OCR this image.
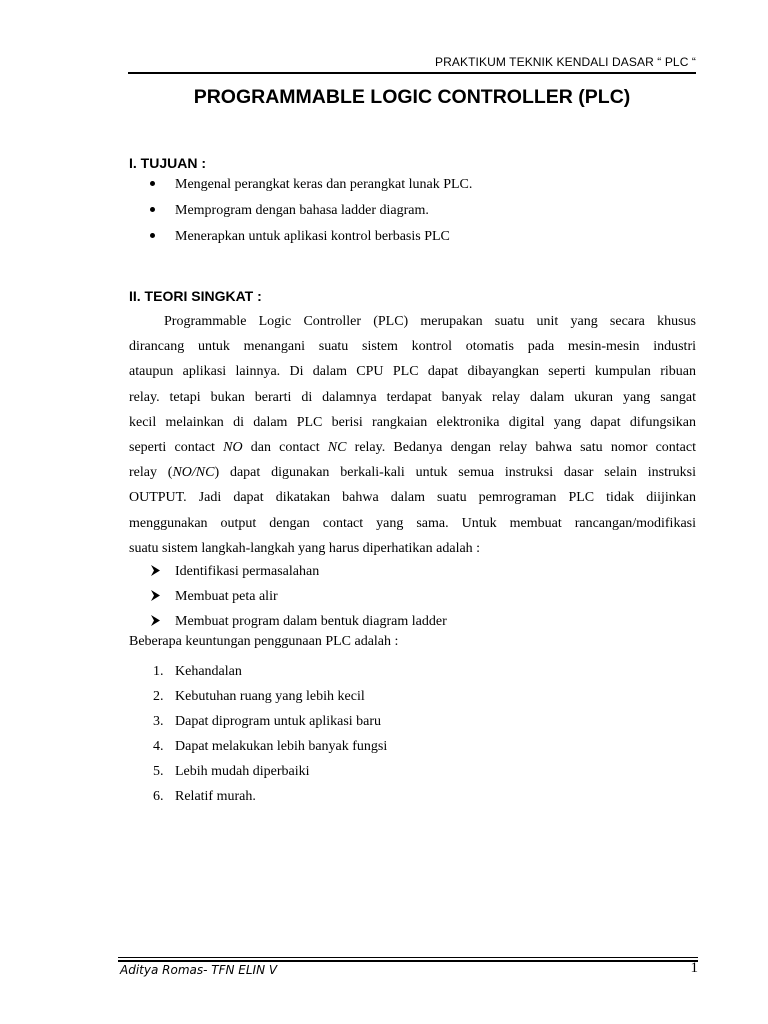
PRAKTIKUM TEKNIK KENDALI DASAR “ PLC “
PROGRAMMABLE LOGIC CONTROLLER (PLC)
I. TUJUAN :
Mengenal perangkat keras dan perangkat lunak PLC.
Memprogram dengan bahasa ladder diagram.
Menerapkan untuk aplikasi kontrol berbasis PLC
II. TEORI SINGKAT :
Programmable Logic Controller (PLC) merupakan suatu unit yang secara khusus
dirancang untuk menangani suatu sistem kontrol otomatis pada mesin-mesin industri
ataupun aplikasi lainnya. Di dalam CPU PLC dapat dibayangkan seperti kumpulan ribuan
relay. tetapi bukan berarti di dalamnya terdapat banyak relay dalam ukuran yang sangat
kecil melainkan di dalam PLC berisi rangkaian elektronika digital yang dapat difungsikan
seperti contact NO dan contact NC relay. Bedanya dengan relay bahwa satu nomor contact
relay (NO/NC) dapat digunakan berkali-kali untuk semua instruksi dasar selain instruksi
OUTPUT. Jadi dapat dikatakan bahwa dalam suatu pemrograman PLC tidak diijinkan
menggunakan output dengan contact yang sama. Untuk membuat rancangan/modifikasi
suatu sistem langkah-langkah yang harus diperhatikan adalah :
Identifikasi permasalahan
Membuat peta alir
Membuat program dalam bentuk diagram ladder
Beberapa keuntungan penggunaan PLC adalah :
1. Kehandalan
2. Kebutuhan ruang yang lebih kecil
3. Dapat diprogram untuk aplikasi baru
4. Dapat melakukan lebih banyak fungsi
5. Lebih mudah diperbaiki
6. Relatif murah.
Aditya Romas- TFN ELIN V	1
